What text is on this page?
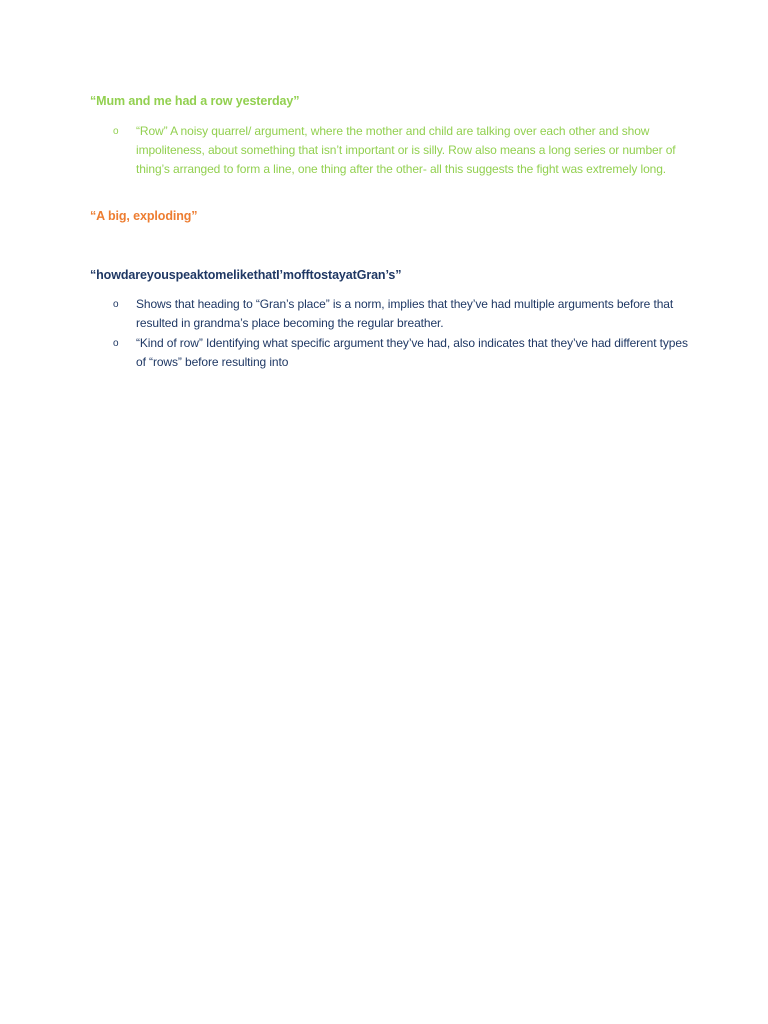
“Mum and me had a row yesterday”
o “Row” A noisy quarrel/ argument, where the mother and child are talking over each other and show impoliteness, about something that isn’t important or is silly. Row also means a long series or number of thing’s arranged to form a line, one thing after the other- all this suggests the fight was extremely long.
“A big, exploding”
“howdareyouspeaktomelikethatI’mofftostayatGran’s”
o Shows that heading to “Gran’s place” is a norm, implies that they’ve had multiple arguments before that resulted in grandma’s place becoming the regular breather.
o “Kind of row” Identifying what specific argument they’ve had, also indicates that they’ve had different types of “rows” before resulting into
